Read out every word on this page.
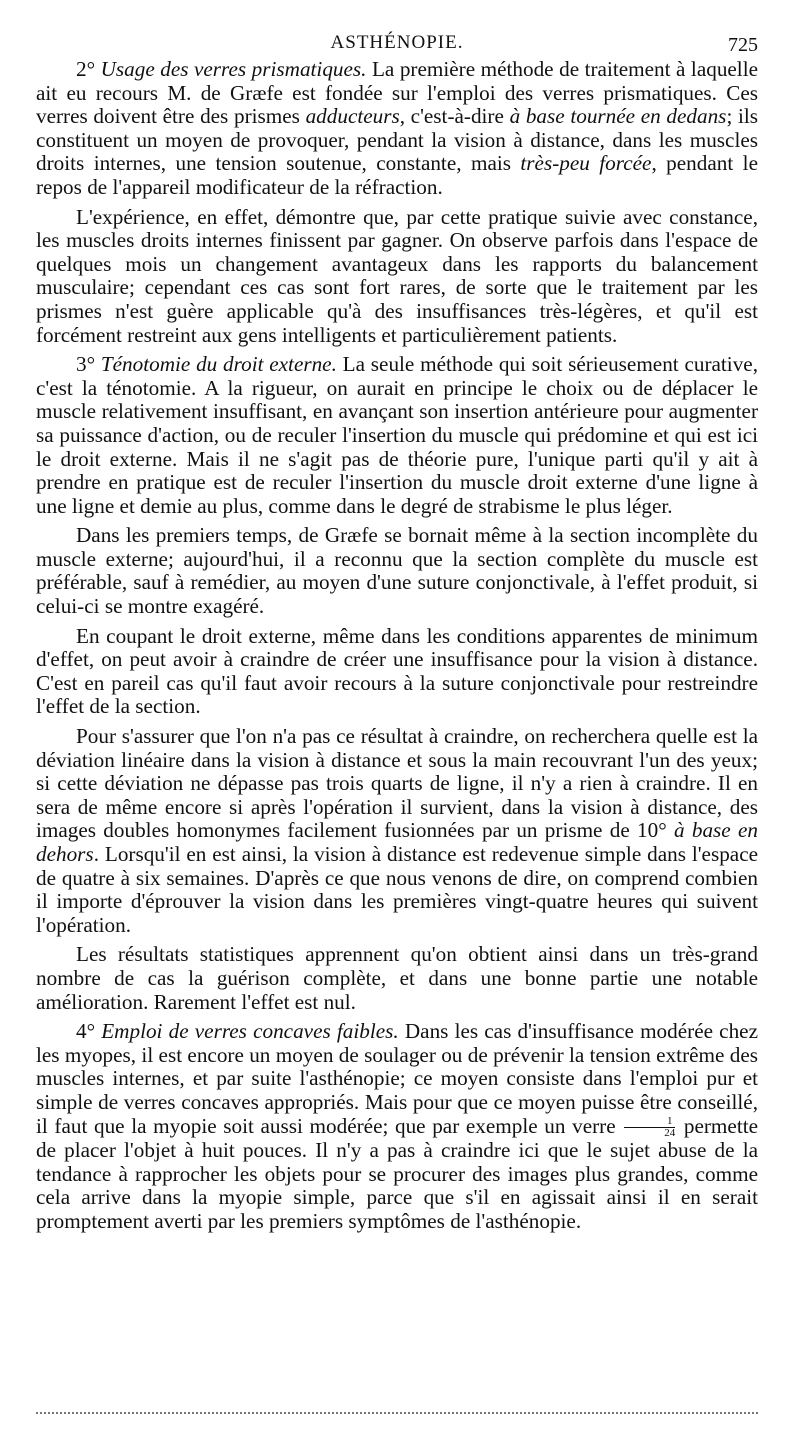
ASTHÉNOPIE.	725

2° Usage des verres prismatiques. La première méthode de traitement à laquelle ait eu recours M. de Græfe est fondée sur l'emploi des verres prismatiques. Ces verres doivent être des prismes adducteurs, c'est-à-dire à base tournée en dedans; ils constituent un moyen de provoquer, pendant la vision à distance, dans les muscles droits internes, une tension soutenue, constante, mais très-peu forcée, pendant le repos de l'appareil modificateur de la réfraction.

L'expérience, en effet, démontre que, par cette pratique suivie avec constance, les muscles droits internes finissent par gagner. On observe parfois dans l'espace de quelques mois un changement avantageux dans les rapports du balancement musculaire; cependant ces cas sont fort rares, de sorte que le traitement par les prismes n'est guère applicable qu'à des insuffisances très-légères, et qu'il est forcément restreint aux gens intelligents et particulièrement patients.

3° Ténotomie du droit externe. La seule méthode qui soit sérieusement curative, c'est la ténotomie. A la rigueur, on aurait en principe le choix ou de déplacer le muscle relativement insuffisant, en avançant son insertion antérieure pour augmenter sa puissance d'action, ou de reculer l'insertion du muscle qui prédomine et qui est ici le droit externe. Mais il ne s'agit pas de théorie pure, l'unique parti qu'il y ait à prendre en pratique est de reculer l'insertion du muscle droit externe d'une ligne à une ligne et demie au plus, comme dans le degré de strabisme le plus léger.

Dans les premiers temps, de Græfe se bornait même à la section incomplète du muscle externe; aujourd'hui, il a reconnu que la section complète du muscle est préférable, sauf à remédier, au moyen d'une suture conjonctivale, à l'effet produit, si celui-ci se montre exagéré.

En coupant le droit externe, même dans les conditions apparentes de minimum d'effet, on peut avoir à craindre de créer une insuffisance pour la vision à distance. C'est en pareil cas qu'il faut avoir recours à la suture conjonctivale pour restreindre l'effet de la section.

Pour s'assurer que l'on n'a pas ce résultat à craindre, on recherchera quelle est la déviation linéaire dans la vision à distance et sous la main recouvrant l'un des yeux; si cette déviation ne dépasse pas trois quarts de ligne, il n'y a rien à craindre. Il en sera de même encore si après l'opération il survient, dans la vision à distance, des images doubles homonymes facilement fusionnées par un prisme de 10° à base en dehors. Lorsqu'il en est ainsi, la vision à distance est redevenue simple dans l'espace de quatre à six semaines. D'après ce que nous venons de dire, on comprend combien il importe d'éprouver la vision dans les premières vingt-quatre heures qui suivent l'opération.

Les résultats statistiques apprennent qu'on obtient ainsi dans un très-grand nombre de cas la guérison complète, et dans une bonne partie une notable amélioration. Rarement l'effet est nul.

4° Emploi de verres concaves faibles. Dans les cas d'insuffisance modérée chez les myopes, il est encore un moyen de soulager ou de prévenir la tension extrême des muscles internes, et par suite l'asthénopie; ce moyen consiste dans l'emploi pur et simple de verres concaves appropriés. Mais pour que ce moyen puisse être conseillé, il faut que la myopie soit aussi modérée; que par exemple un verre $\frac{1}{24}$ permette de placer l'objet à huit pouces. Il n'y a pas à craindre ici que le sujet abuse de la tendance à rapprocher les objets pour se procurer des images plus grandes, comme cela arrive dans la myopie simple, parce que s'il en agissait ainsi il en serait promptement averti par les premiers symptômes de l'asthénopie.
